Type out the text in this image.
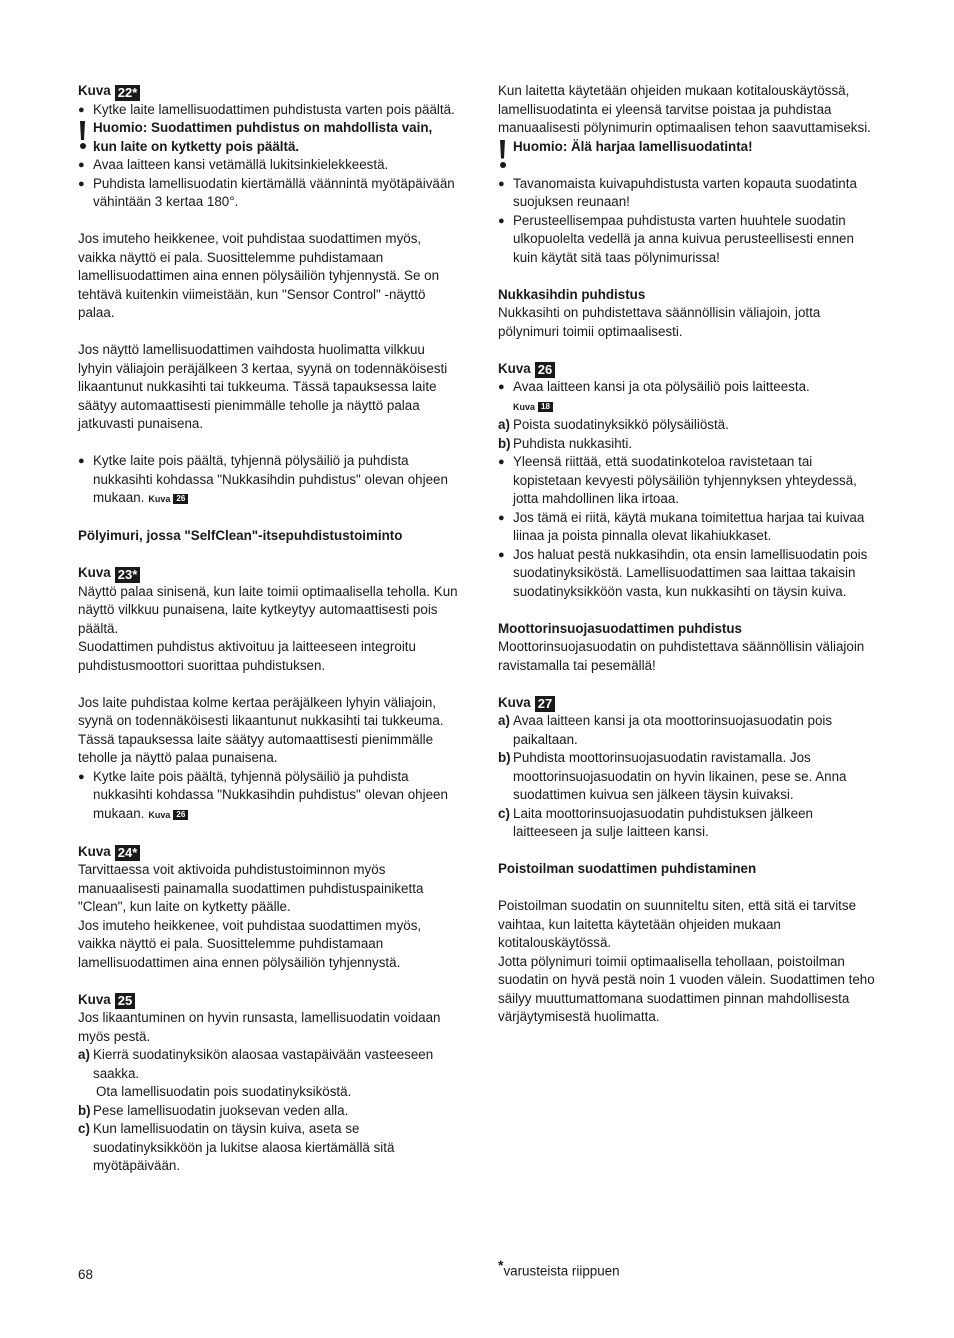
Kuva 22*

● Kytke laite lamellisuodattimen puhdistusta varten pois päältä.

Huomio: Suodattimen puhdistus on mahdollista vain, kun laite on kytketty pois päältä.

● Avaa laitteen kansi vetämällä lukitsinkielekkeestä.

● Puhdista lamellisuodatin kiertämällä väännintä myötäpäivään vähintään 3 kertaa 180°.

Jos imuteho heikkenee, voit puhdistaa suodattimen myös, vaikka näyttö ei pala. Suosittelemme puhdistamaan lamellisuodattimen aina ennen pölysäiliön tyhjennystä. Se on tehtävä kuitenkin viimeistään, kun "Sensor Control" -näyttö palaa.

Jos näyttö lamellisuodattimen vaihdosta huolimatta vilkkuu lyhyin väliajoin peräjälkeen 3 kertaa, syynä on todennäköisesti likaantunut nukkasihti tai tukkeuma. Tässä tapauksessa laite säätyy automaattisesti pienimmälle teholle ja näyttö palaa jatkuvasti punaisena.

● Kytke laite pois päältä, tyhjennä pölysäiliö ja puhdista nukkasihti kohdassa "Nukkasihdin puhdistus" olevan ohjeen mukaan. Kuva 26

Pölyimuri, jossa "SelfClean"-itsepuhdistustoiminto

Kuva 23*

Näyttö palaa sinisenä, kun laite toimii optimaalisella teholla. Kun näyttö vilkkuu punaisena, laite kytkeytyy automaattisesti pois päältä.

Suodattimen puhdistus aktivoituu ja laitteeseen integroitu puhdistusmoottori suorittaa puhdistuksen.

Jos laite puhdistaa kolme kertaa peräjälkeen lyhyin väliajoin, syynä on todennäköisesti likaantunut nukkasihti tai tukkeuma. Tässä tapauksessa laite säätyy automaattisesti pienimmälle teholle ja näyttö palaa punaisena.

● Kytke laite pois päältä, tyhjennä pölysäiliö ja puhdista nukkasihti kohdassa "Nukkasihdin puhdistus" olevan ohjeen mukaan. Kuva 26

Kuva 24*

Tarvittaessa voit aktivoida puhdistustoiminnon myös manuaalisesti painamalla suodattimen puhdistuspainiketta "Clean", kun laite on kytketty päälle.

Jos imuteho heikkenee, voit puhdistaa suodattimen myös, vaikka näyttö ei pala. Suosittelemme puhdistamaan lamellisuodattimen aina ennen pölysäiliön tyhjennystä.

Kuva 25

Jos likaantuminen on hyvin runsasta, lamellisuodatin voidaan myös pestä.

a) Kierrä suodatinyksikön alaosaa vastapäivään vasteeseen saakka.

Ota lamellisuodatin pois suodatinyksiköstä.

b) Pese lamellisuodatin juoksevan veden alla.

c) Kun lamellisuodatin on täysin kuiva, aseta se suodatinyksikköön ja lukitse alaosa kiertämällä sitä myötäpäivään.

Kun laitetta käytetään ohjeiden mukaan kotitalouskäytössä, lamellisuodatinta ei yleensä tarvitse poistaa ja puhdistaa manuaalisesti pölynimurin optimaalisen tehon saavuttamiseksi.

Huomio: Älä harjaa lamellisuodatinta!

● Tavanomaista kuivapuhdistusta varten kopauta suodatinta suojuksen reunaan!

● Perusteellisempaa puhdistusta varten huuhtele suodatin ulkopuolelta vedellä ja anna kuivua perusteellisesti ennen kuin käytät sitä taas pölynimurissa!

Nukkasihdin puhdistus

Nukkasihti on puhdistettava säännöllisin väliajoin, jotta pölynimuri toimii optimaalisesti.

Kuva 26

● Avaa laitteen kansi ja ota pölysäiliö pois laitteesta.
Kuva 18

a) Poista suodatinyksikkö pölysäiliöstä.

b) Puhdista nukkasihti.

● Yleensä riittää, että suodatinkoteloa ravistetaan tai kopistetaan kevyesti pölysäiliön tyhjennyksen yhteydessä, jotta mahdollinen lika irtoaa.

● Jos tämä ei riitä, käytä mukana toimitettua harjaa tai kuivaa liinaa ja poista pinnalla olevat likahiukkaset.

● Jos haluat pestä nukkasihdin, ota ensin lamellisuodatin pois suodatinyksiköstä. Lamellisuodattimen saa laittaa takaisin suodatinyksikköön vasta, kun nukkasihti on täysin kuiva.

Moottorinsuojasuodattimen puhdistus

Moottorinsuojasuodatin on puhdistettava säännöllisin väliajoin ravistamalla tai pesemällä!

Kuva 27

a) Avaa laitteen kansi ja ota moottorinsuojasuodatin pois paikaltaan.

b) Puhdista moottorinsuojasuodatin ravistamalla. Jos moottorinsuojasuodatin on hyvin likainen, pese se. Anna suodattimen kuivua sen jälkeen täysin kuivaksi.

c) Laita moottorinsuojasuodatin puhdistuksen jälkeen laitteeseen ja sulje laitteen kansi.

Poistoilman suodattimen puhdistaminen

Poistoilman suodatin on suunniteltu siten, että sitä ei tarvitse vaihtaa, kun laitetta käytetään ohjeiden mukaan kotitalouskäytössä.

Jotta pölynimuri toimii optimaalisella tehollaan, poistoilman suodatin on hyvä pestä noin 1 vuoden välein. Suodattimen teho säilyy muuttumattomana suodattimen pinnan mahdollisesta värjäytymisestä huolimatta.

*varusteista riippuen
68
